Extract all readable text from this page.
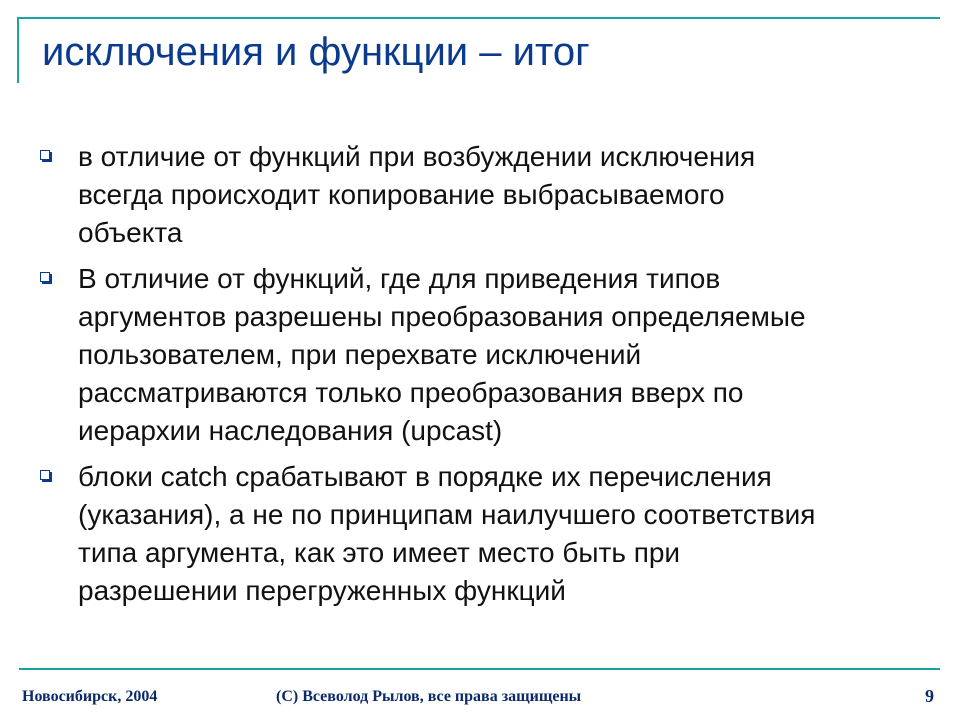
исключения и функции – итог
в отличие от функций при возбуждении исключения
всегда происходит копирование выбрасываемого
объекта
В отличие от функций, где для приведения типов
аргументов разрешены преобразования определяемые
пользователем, при перехвате исключений
рассматриваются только преобразования вверх по
иерархии наследования (upcast)
блоки catch срабатывают в порядке их перечисления
(указания), а не по принципам наилучшего соответствия
типа аргумента, как это имеет место быть при
разрешении перегруженных функций
Новосибирск, 2004	(С) Всеволод Рылов, все права защищены	9
